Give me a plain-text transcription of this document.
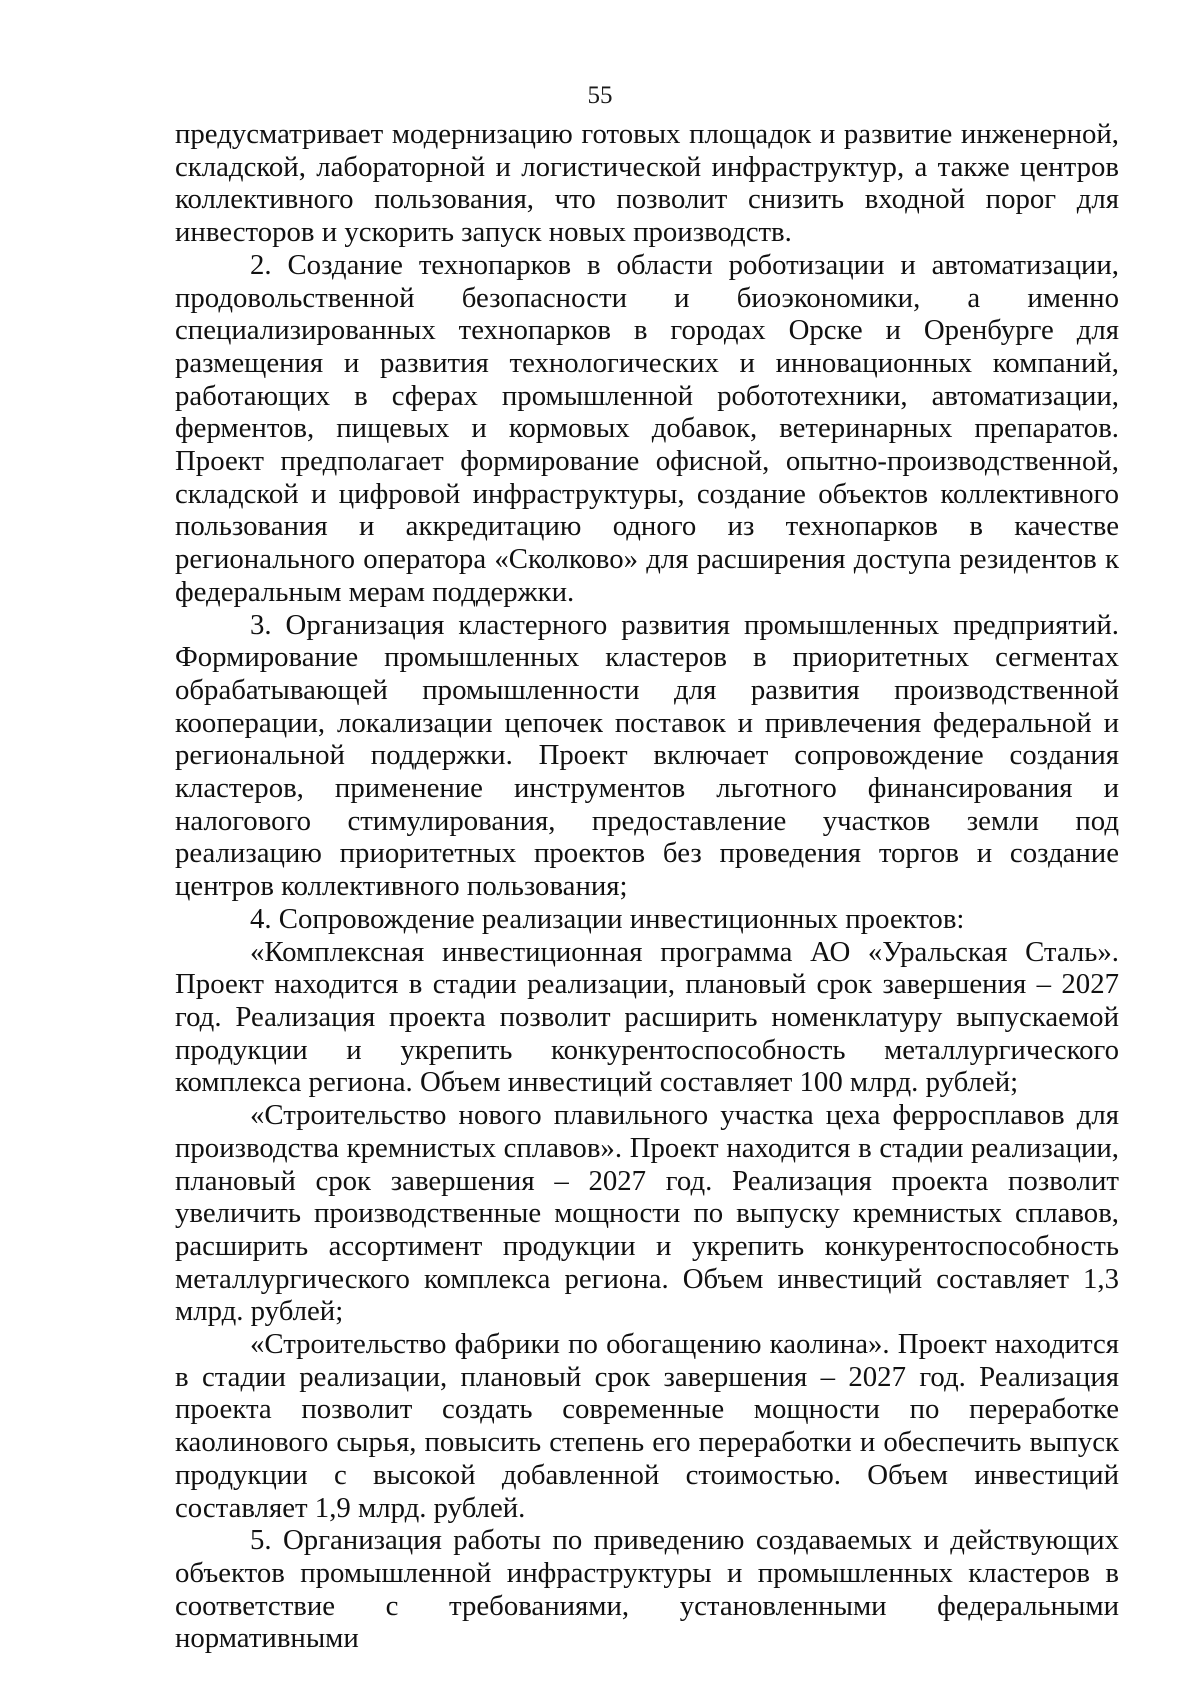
55

предусматривает модернизацию готовых площадок и развитие инженерной, складской, лабораторной и логистической инфраструктур, а также центров коллективного пользования, что позволит снизить входной порог для инвесторов и ускорить запуск новых производств.

2. Создание технопарков в области роботизации и автоматизации, продовольственной безопасности и биоэкономики, а именно специализированных технопарков в городах Орске и Оренбурге для размещения и развития технологических и инновационных компаний, работающих в сферах промышленной робототехники, автоматизации, ферментов, пищевых и кормовых добавок, ветеринарных препаратов. Проект предполагает формирование офисной, опытно-производственной, складской и цифровой инфраструктуры, создание объектов коллективного пользования и аккредитацию одного из технопарков в качестве регионального оператора «Сколково» для расширения доступа резидентов к федеральным мерам поддержки.

3. Организация кластерного развития промышленных предприятий. Формирование промышленных кластеров в приоритетных сегментах обрабатывающей промышленности для развития производственной кооперации, локализации цепочек поставок и привлечения федеральной и региональной поддержки. Проект включает сопровождение создания кластеров, применение инструментов льготного финансирования и налогового стимулирования, предоставление участков земли под реализацию приоритетных проектов без проведения торгов и создание центров коллективного пользования;

4. Сопровождение реализации инвестиционных проектов:

«Комплексная инвестиционная программа АО «Уральская Сталь». Проект находится в стадии реализации, плановый срок завершения – 2027 год. Реализация проекта позволит расширить номенклатуру выпускаемой продукции и укрепить конкурентоспособность металлургического комплекса региона. Объем инвестиций составляет 100 млрд. рублей;

«Строительство нового плавильного участка цеха ферросплавов для производства кремнистых сплавов». Проект находится в стадии реализации, плановый срок завершения – 2027 год. Реализация проекта позволит увеличить производственные мощности по выпуску кремнистых сплавов, расширить ассортимент продукции и укрепить конкурентоспособность металлургического комплекса региона. Объем инвестиций составляет 1,3 млрд. рублей;

«Строительство фабрики по обогащению каолина». Проект находится в стадии реализации, плановый срок завершения – 2027 год. Реализация проекта позволит создать современные мощности по переработке каолинового сырья, повысить степень его переработки и обеспечить выпуск продукции с высокой добавленной стоимостью. Объем инвестиций составляет 1,9 млрд. рублей.

5. Организация работы по приведению создаваемых и действующих объектов промышленной инфраструктуры и промышленных кластеров в соответствие с требованиями, установленными федеральными нормативными
